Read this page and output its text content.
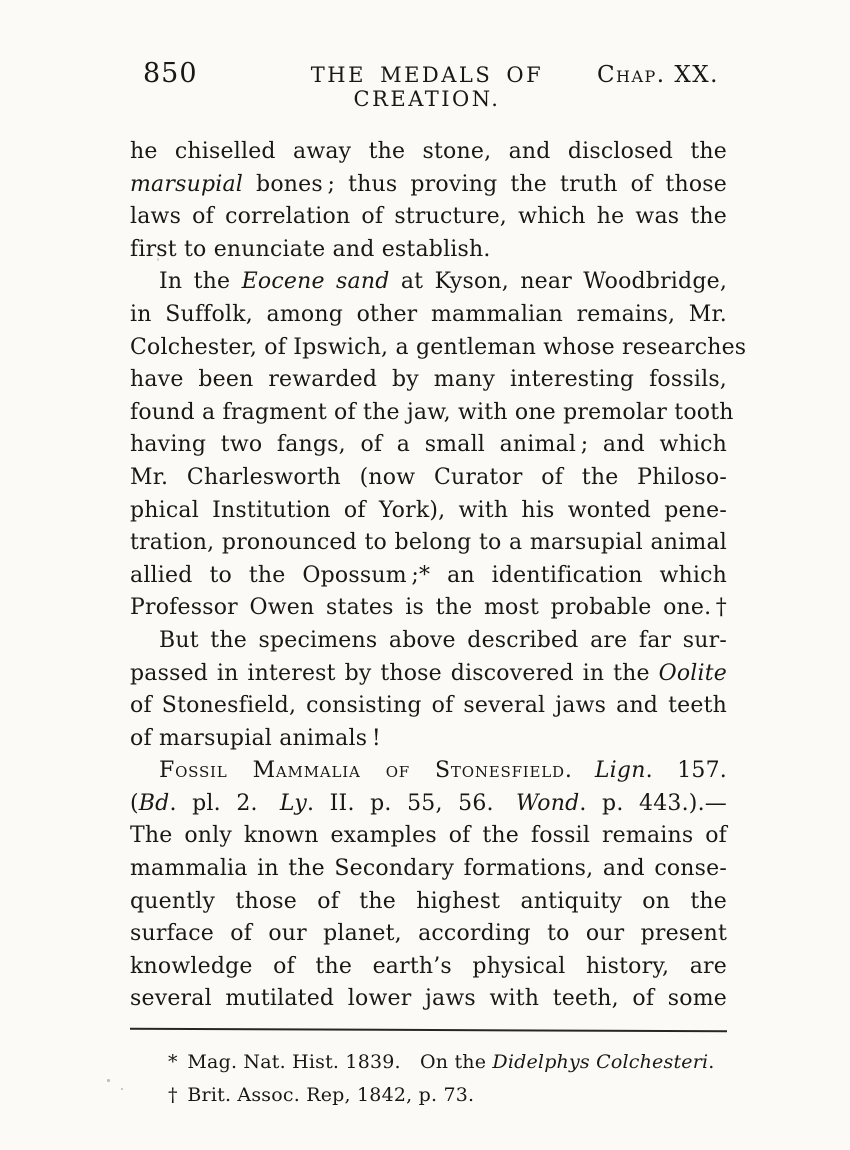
850	THE MEDALS OF CREATION.
Chap. XX.
he chiselled away the stone, and disclosed the
marsupial bones ; thus proving the truth of those
laws of correlation of structure, which he was the
first to enunciate and establish.
In the Eocene sand at Kyson, near Woodbridge,
in Suffolk, among other mammalian remains, Mr.
Colchester, of Ipswich, a gentleman whose researches
have been rewarded by many interesting fossils,
found a fragment of the jaw, with one premolar tooth
having two fangs, of a small animal ; and which
Mr. Charlesworth (now Curator of the Philoso-
phical Institution of York), with his wonted pene-
tration, pronounced to belong to a marsupial animal
allied to the Opossum ;* an identification which
Professor Owen states is the most probable one.†
But the specimens above described are far sur-
passed in interest by those discovered in the Oolite
of Stonesfield, consisting of several jaws and teeth
of marsupial animals !
Fossil Mammalia of Stonesfield.  Lign. 157.
(Bd. pl. 2. Ly. II. p. 55, 56. Wond. p. 443.).—
The only known examples of the fossil remains of
mammalia in the Secondary formations, and conse-
quently those of the highest antiquity on the
surface of our planet, according to our present
knowledge of the earth’s physical history, are
several mutilated lower jaws with teeth, of some
* Mag. Nat. Hist. 1839. On the Didelphys Colchesteri.
† Brit. Assoc. Rep, 1842, p. 73.
